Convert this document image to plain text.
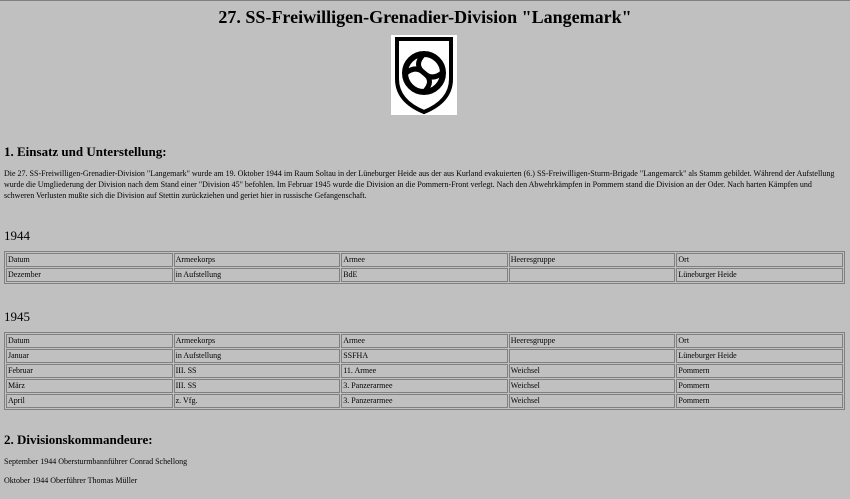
27. SS-Freiwilligen-Grenadier-Division "Langemark"
1. Einsatz und Unterstellung:

Die 27. SS-Freiwilligen-Grenadier-Division "Langemark" wurde am 19. Oktober 1944 im Raum Soltau in der Lüneburger Heide aus der aus Kurland evakuierten (6.) SS-Freiwilligen-Sturm-Brigade "Langemarck" als Stamm gebildet. Während der Aufstellung wurde die Umgliederung der Division nach dem Stand einer "Division 45" befohlen. Im Februar 1945 wurde die Division an die Pommern-Front verlegt. Nach den Abwehrkämpfen in Pommern stand die Division an der Oder. Nach harten Kämpfen und schweren Verlusten mußte sich die Division auf Stettin zurückziehen und geriet hier in russische Gefangenschaft.

1944
Datum	Armeekorps	Armee	Heeresgruppe	Ort
Dezember	in Aufstellung	BdE		Lüneburger Heide
1945
Datum	Armeekorps	Armee	Heeresgruppe	Ort
Januar	in Aufstellung	SSFHA		Lüneburger Heide
Februar	III. SS	11. Armee	Weichsel	Pommern
März	III. SS	3. Panzerarmee	Weichsel	Pommern
April	z. Vfg.	3. Panzerarmee	Weichsel	Pommern
2. Divisionskommandeure:

September 1944 Obersturmbannführer Conrad Schellong

Oktober 1944 Oberführer Thomas Müller
